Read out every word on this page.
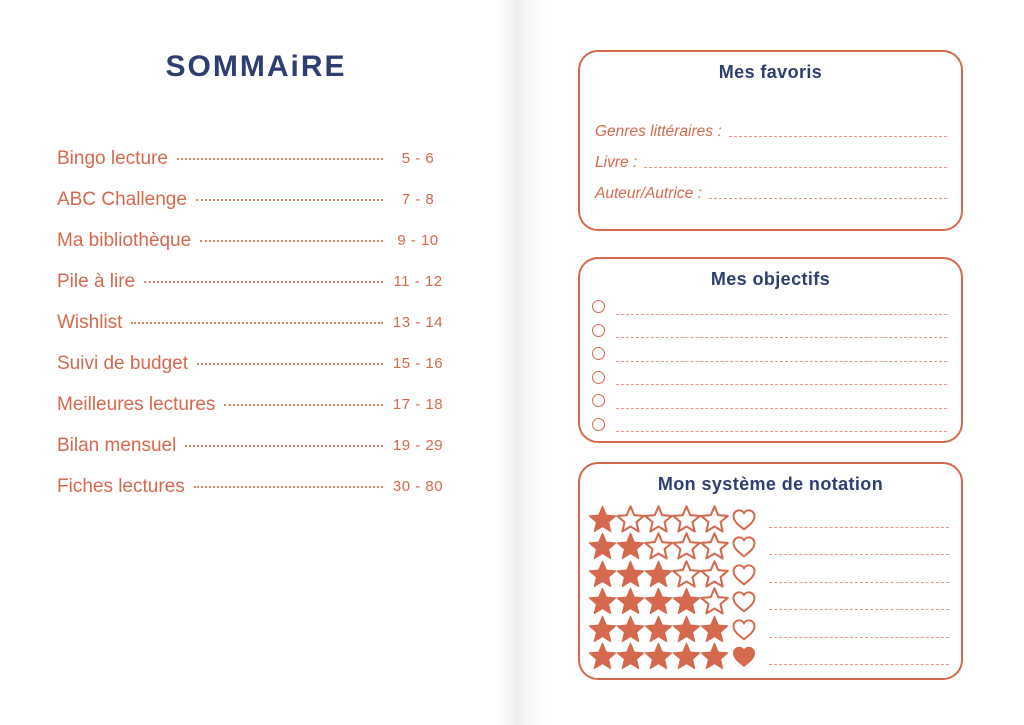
SOMMAiRE
Bingo lecture	5 - 6
ABC Challenge	7 - 8
Ma bibliothèque	9 - 10
Pile à lire	11 - 12
Wishlist	13 - 14
Suivi de budget	15 - 16
Meilleures lectures	17 - 18
Bilan mensuel	19 - 29
Fiches lectures	30 - 80
Mes favoris
Genres littéraires :
Livre :
Auteur/Autrice :
Mes objectifs
Mon système de notation
